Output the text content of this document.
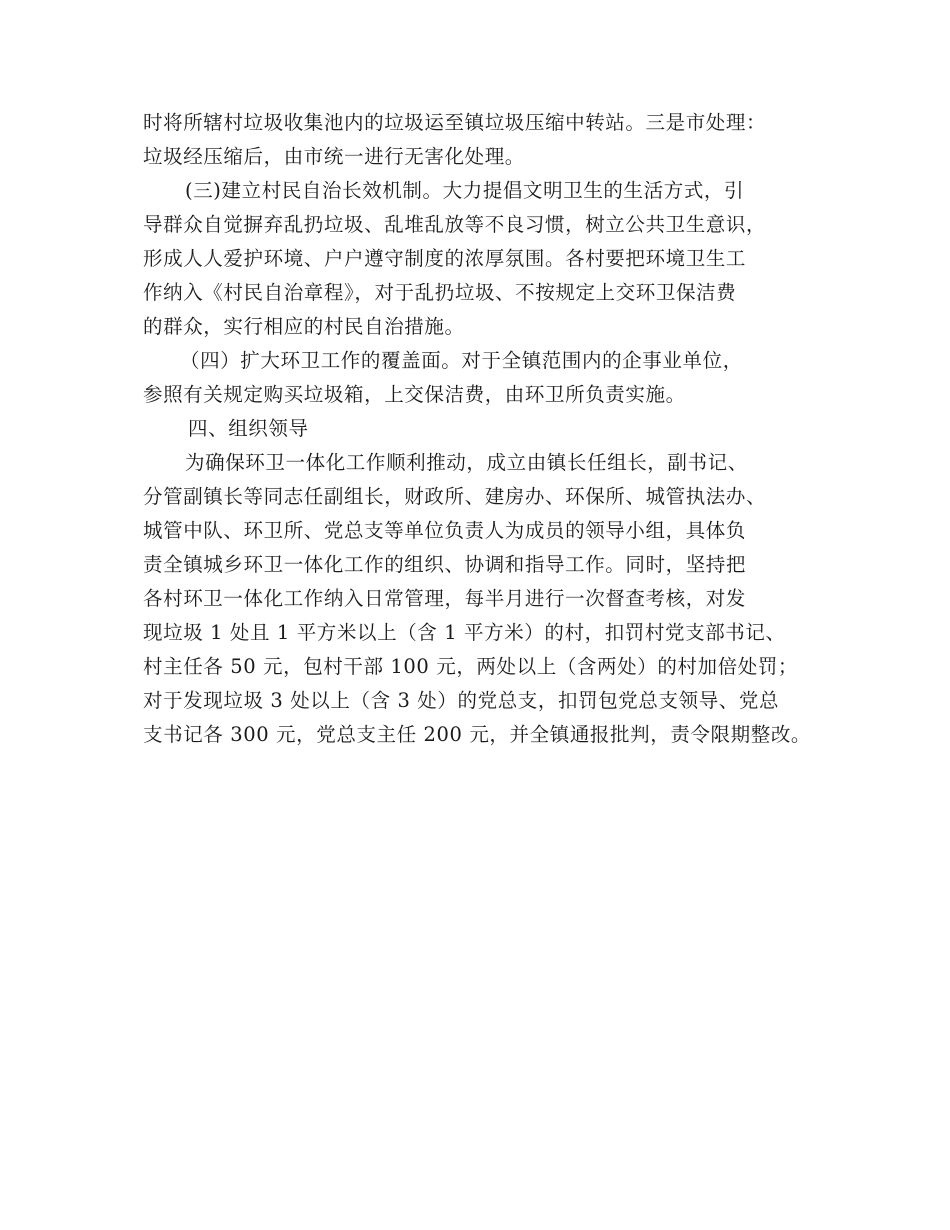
时将所辖村垃圾收集池内的垃圾运至镇垃圾压缩中转站。三是市处理：
垃圾经压缩后，由市统一进行无害化处理。
(三)建立村民自治长效机制。大力提倡文明卫生的生活方式，引
导群众自觉摒弃乱扔垃圾、乱堆乱放等不良习惯，树立公共卫生意识，
形成人人爱护环境、户户遵守制度的浓厚氛围。各村要把环境卫生工
作纳入《村民自治章程》，对于乱扔垃圾、不按规定上交环卫保洁费
的群众，实行相应的村民自治措施。
（四）扩大环卫工作的覆盖面。对于全镇范围内的企事业单位，
参照有关规定购买垃圾箱，上交保洁费，由环卫所负责实施。
四、组织领导
为确保环卫一体化工作顺利推动，成立由镇长任组长，副书记、
分管副镇长等同志任副组长，财政所、建房办、环保所、城管执法办、
城管中队、环卫所、党总支等单位负责人为成员的领导小组，具体负
责全镇城乡环卫一体化工作的组织、协调和指导工作。同时，坚持把
各村环卫一体化工作纳入日常管理，每半月进行一次督查考核，对发
现垃圾 1 处且 1 平方米以上（含 1 平方米）的村，扣罚村党支部书记、
村主任各 50 元，包村干部 100 元，两处以上（含两处）的村加倍处罚；
对于发现垃圾 3 处以上（含 3 处）的党总支，扣罚包党总支领导、党总
支书记各 300 元，党总支主任 200 元，并全镇通报批判，责令限期整改。
